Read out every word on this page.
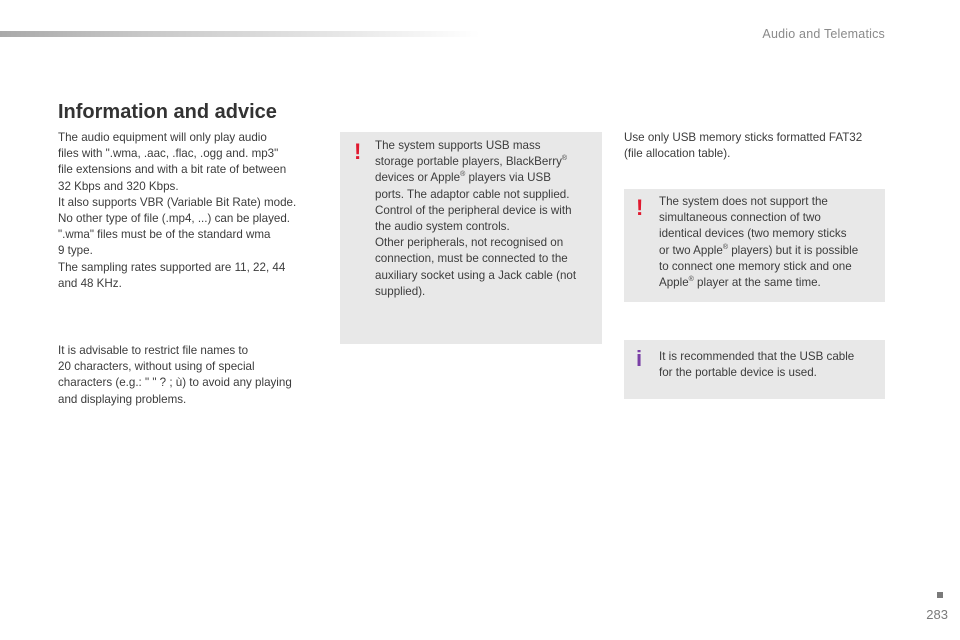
Audio and Telematics
Information and advice
The audio equipment will only play audio
files with ".wma, .aac, .flac, .ogg and. mp3"
file extensions and with a bit rate of between
32 Kbps and 320 Kbps.
It also supports VBR (Variable Bit Rate) mode.
No other type of file (.mp4, ...) can be played.
".wma" files must be of the standard wma
9 type.
The sampling rates supported are 11, 22, 44
and 48 KHz.
It is advisable to restrict file names to
20 characters, without using of special
characters (e.g.: " " ? ; ù) to avoid any playing
and displaying problems.
! The system supports USB mass
storage portable players, BlackBerry®
devices or Apple® players via USB
ports. The adaptor cable not supplied.
Control of the peripheral device is with
the audio system controls.
Other peripherals, not recognised on
connection, must be connected to the
auxiliary socket using a Jack cable (not
supplied).
Use only USB memory sticks formatted FAT32
(file allocation table).
! The system does not support the
simultaneous connection of two
identical devices (two memory sticks
or two Apple® players) but it is possible
to connect one memory stick and one
Apple® player at the same time.
i It is recommended that the USB cable
for the portable device is used.
283
